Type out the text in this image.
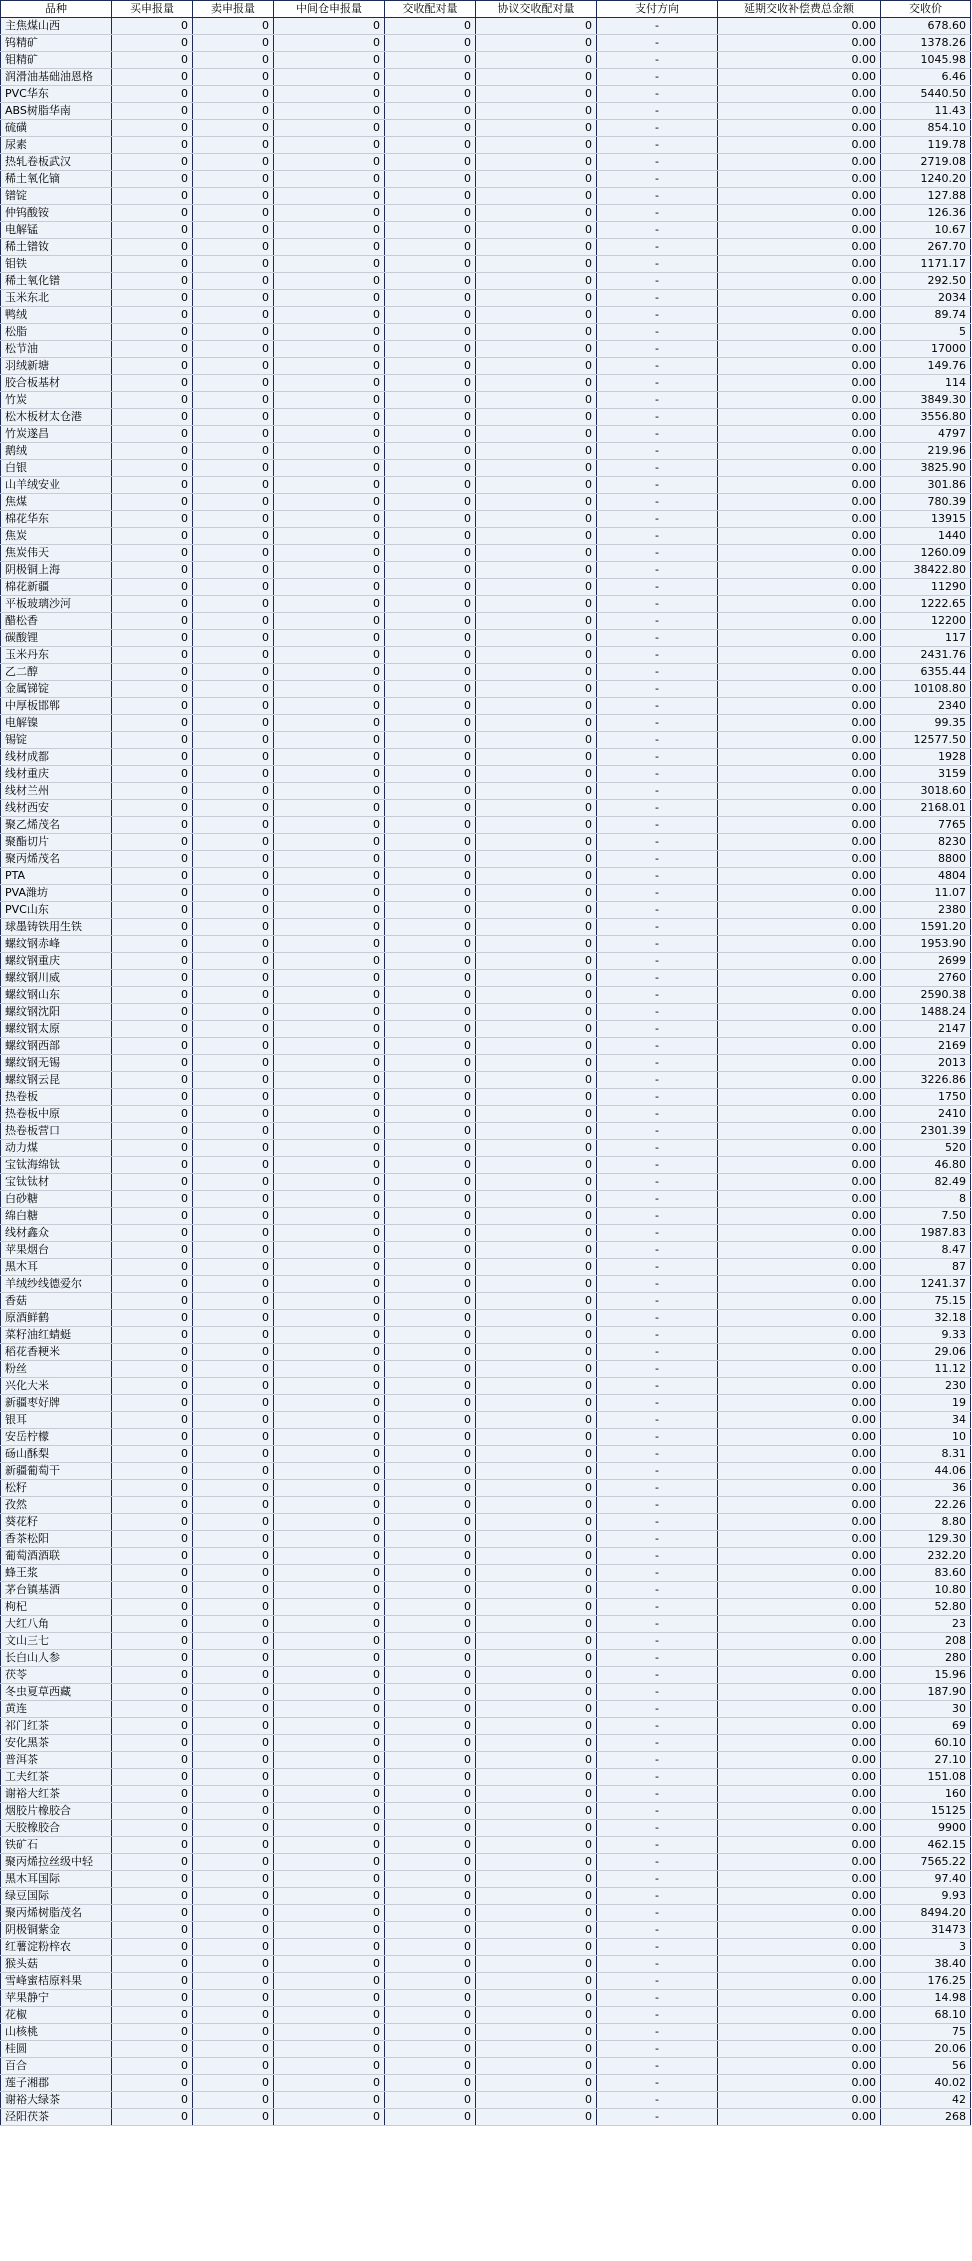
品种	买申报量	卖申报量	中间仓申报量	交收配对量	协议交收配对量	支付方向	延期交收补偿费总金额	交收价
主焦煤山西	0	0	0	0	0	-	0.00	678.60
钨精矿	0	0	0	0	0	-	0.00	1378.26
钼精矿	0	0	0	0	0	-	0.00	1045.98
润滑油基础油恩格	0	0	0	0	0	-	0.00	6.46
PVC华东	0	0	0	0	0	-	0.00	5440.50
ABS树脂华南	0	0	0	0	0	-	0.00	11.43
硫磺	0	0	0	0	0	-	0.00	854.10
尿素	0	0	0	0	0	-	0.00	119.78
热轧卷板武汉	0	0	0	0	0	-	0.00	2719.08
稀土氧化镝	0	0	0	0	0	-	0.00	1240.20
镨锭	0	0	0	0	0	-	0.00	127.88
仲钨酸铵	0	0	0	0	0	-	0.00	126.36
电解锰	0	0	0	0	0	-	0.00	10.67
稀土镨钕	0	0	0	0	0	-	0.00	267.70
钼铁	0	0	0	0	0	-	0.00	1171.17
稀土氧化镨	0	0	0	0	0	-	0.00	292.50
玉米东北	0	0	0	0	0	-	0.00	2034
鸭绒	0	0	0	0	0	-	0.00	89.74
松脂	0	0	0	0	0	-	0.00	5
松节油	0	0	0	0	0	-	0.00	17000
羽绒新塘	0	0	0	0	0	-	0.00	149.76
胶合板基材	0	0	0	0	0	-	0.00	114
竹炭	0	0	0	0	0	-	0.00	3849.30
松木板材太仓港	0	0	0	0	0	-	0.00	3556.80
竹炭遂昌	0	0	0	0	0	-	0.00	4797
鹅绒	0	0	0	0	0	-	0.00	219.96
白银	0	0	0	0	0	-	0.00	3825.90
山羊绒安业	0	0	0	0	0	-	0.00	301.86
焦煤	0	0	0	0	0	-	0.00	780.39
棉花华东	0	0	0	0	0	-	0.00	13915
焦炭	0	0	0	0	0	-	0.00	1440
焦炭伟天	0	0	0	0	0	-	0.00	1260.09
阴极铜上海	0	0	0	0	0	-	0.00	38422.80
棉花新疆	0	0	0	0	0	-	0.00	11290
平板玻璃沙河	0	0	0	0	0	-	0.00	1222.65
醋松香	0	0	0	0	0	-	0.00	12200
碳酸锂	0	0	0	0	0	-	0.00	117
玉米丹东	0	0	0	0	0	-	0.00	2431.76
乙二醇	0	0	0	0	0	-	0.00	6355.44
金属锑锭	0	0	0	0	0	-	0.00	10108.80
中厚板邯郸	0	0	0	0	0	-	0.00	2340
电解镍	0	0	0	0	0	-	0.00	99.35
锡锭	0	0	0	0	0	-	0.00	12577.50
线材成都	0	0	0	0	0	-	0.00	1928
线材重庆	0	0	0	0	0	-	0.00	3159
线材兰州	0	0	0	0	0	-	0.00	3018.60
线材西安	0	0	0	0	0	-	0.00	2168.01
聚乙烯茂名	0	0	0	0	0	-	0.00	7765
聚酯切片	0	0	0	0	0	-	0.00	8230
聚丙烯茂名	0	0	0	0	0	-	0.00	8800
PTA	0	0	0	0	0	-	0.00	4804
PVA潍坊	0	0	0	0	0	-	0.00	11.07
PVC山东	0	0	0	0	0	-	0.00	2380
球墨铸铁用生铁	0	0	0	0	0	-	0.00	1591.20
螺纹钢赤峰	0	0	0	0	0	-	0.00	1953.90
螺纹钢重庆	0	0	0	0	0	-	0.00	2699
螺纹钢川威	0	0	0	0	0	-	0.00	2760
螺纹钢山东	0	0	0	0	0	-	0.00	2590.38
螺纹钢沈阳	0	0	0	0	0	-	0.00	1488.24
螺纹钢太原	0	0	0	0	0	-	0.00	2147
螺纹钢西部	0	0	0	0	0	-	0.00	2169
螺纹钢无锡	0	0	0	0	0	-	0.00	2013
螺纹钢云昆	0	0	0	0	0	-	0.00	3226.86
热卷板	0	0	0	0	0	-	0.00	1750
热卷板中原	0	0	0	0	0	-	0.00	2410
热卷板营口	0	0	0	0	0	-	0.00	2301.39
动力煤	0	0	0	0	0	-	0.00	520
宝钛海绵钛	0	0	0	0	0	-	0.00	46.80
宝钛钛材	0	0	0	0	0	-	0.00	82.49
白砂糖	0	0	0	0	0	-	0.00	8
绵白糖	0	0	0	0	0	-	0.00	7.50
线材鑫众	0	0	0	0	0	-	0.00	1987.83
苹果烟台	0	0	0	0	0	-	0.00	8.47
黑木耳	0	0	0	0	0	-	0.00	87
羊绒纱线德爱尔	0	0	0	0	0	-	0.00	1241.37
香菇	0	0	0	0	0	-	0.00	75.15
原酒鲜鹤	0	0	0	0	0	-	0.00	32.18
菜籽油红蜻蜓	0	0	0	0	0	-	0.00	9.33
稻花香粳米	0	0	0	0	0	-	0.00	29.06
粉丝	0	0	0	0	0	-	0.00	11.12
兴化大米	0	0	0	0	0	-	0.00	230
新疆枣好牌	0	0	0	0	0	-	0.00	19
银耳	0	0	0	0	0	-	0.00	34
安岳柠檬	0	0	0	0	0	-	0.00	10
砀山酥梨	0	0	0	0	0	-	0.00	8.31
新疆葡萄干	0	0	0	0	0	-	0.00	44.06
松籽	0	0	0	0	0	-	0.00	36
孜然	0	0	0	0	0	-	0.00	22.26
葵花籽	0	0	0	0	0	-	0.00	8.80
香茶松阳	0	0	0	0	0	-	0.00	129.30
葡萄酒酒联	0	0	0	0	0	-	0.00	232.20
蜂王浆	0	0	0	0	0	-	0.00	83.60
茅台镇基酒	0	0	0	0	0	-	0.00	10.80
枸杞	0	0	0	0	0	-	0.00	52.80
大红八角	0	0	0	0	0	-	0.00	23
文山三七	0	0	0	0	0	-	0.00	208
长白山人参	0	0	0	0	0	-	0.00	280
茯苓	0	0	0	0	0	-	0.00	15.96
冬虫夏草西藏	0	0	0	0	0	-	0.00	187.90
黄连	0	0	0	0	0	-	0.00	30
祁门红茶	0	0	0	0	0	-	0.00	69
安化黑茶	0	0	0	0	0	-	0.00	60.10
普洱茶	0	0	0	0	0	-	0.00	27.10
工夫红茶	0	0	0	0	0	-	0.00	151.08
谢裕大红茶	0	0	0	0	0	-	0.00	160
烟胶片橡胶合	0	0	0	0	0	-	0.00	15125
天胶橡胶合	0	0	0	0	0	-	0.00	9900
铁矿石	0	0	0	0	0	-	0.00	462.15
聚丙烯拉丝级中轻	0	0	0	0	0	-	0.00	7565.22
黑木耳国际	0	0	0	0	0	-	0.00	97.40
绿豆国际	0	0	0	0	0	-	0.00	9.93
聚丙烯树脂茂名	0	0	0	0	0	-	0.00	8494.20
阴极铜紫金	0	0	0	0	0	-	0.00	31473
红薯淀粉梓农	0	0	0	0	0	-	0.00	3
猴头菇	0	0	0	0	0	-	0.00	38.40
雪峰蜜桔原料果	0	0	0	0	0	-	0.00	176.25
苹果静宁	0	0	0	0	0	-	0.00	14.98
花椒	0	0	0	0	0	-	0.00	68.10
山核桃	0	0	0	0	0	-	0.00	75
桂圆	0	0	0	0	0	-	0.00	20.06
百合	0	0	0	0	0	-	0.00	56
莲子湘郡	0	0	0	0	0	-	0.00	40.02
谢裕大绿茶	0	0	0	0	0	-	0.00	42
泾阳茯茶	0	0	0	0	0	-	0.00	268
